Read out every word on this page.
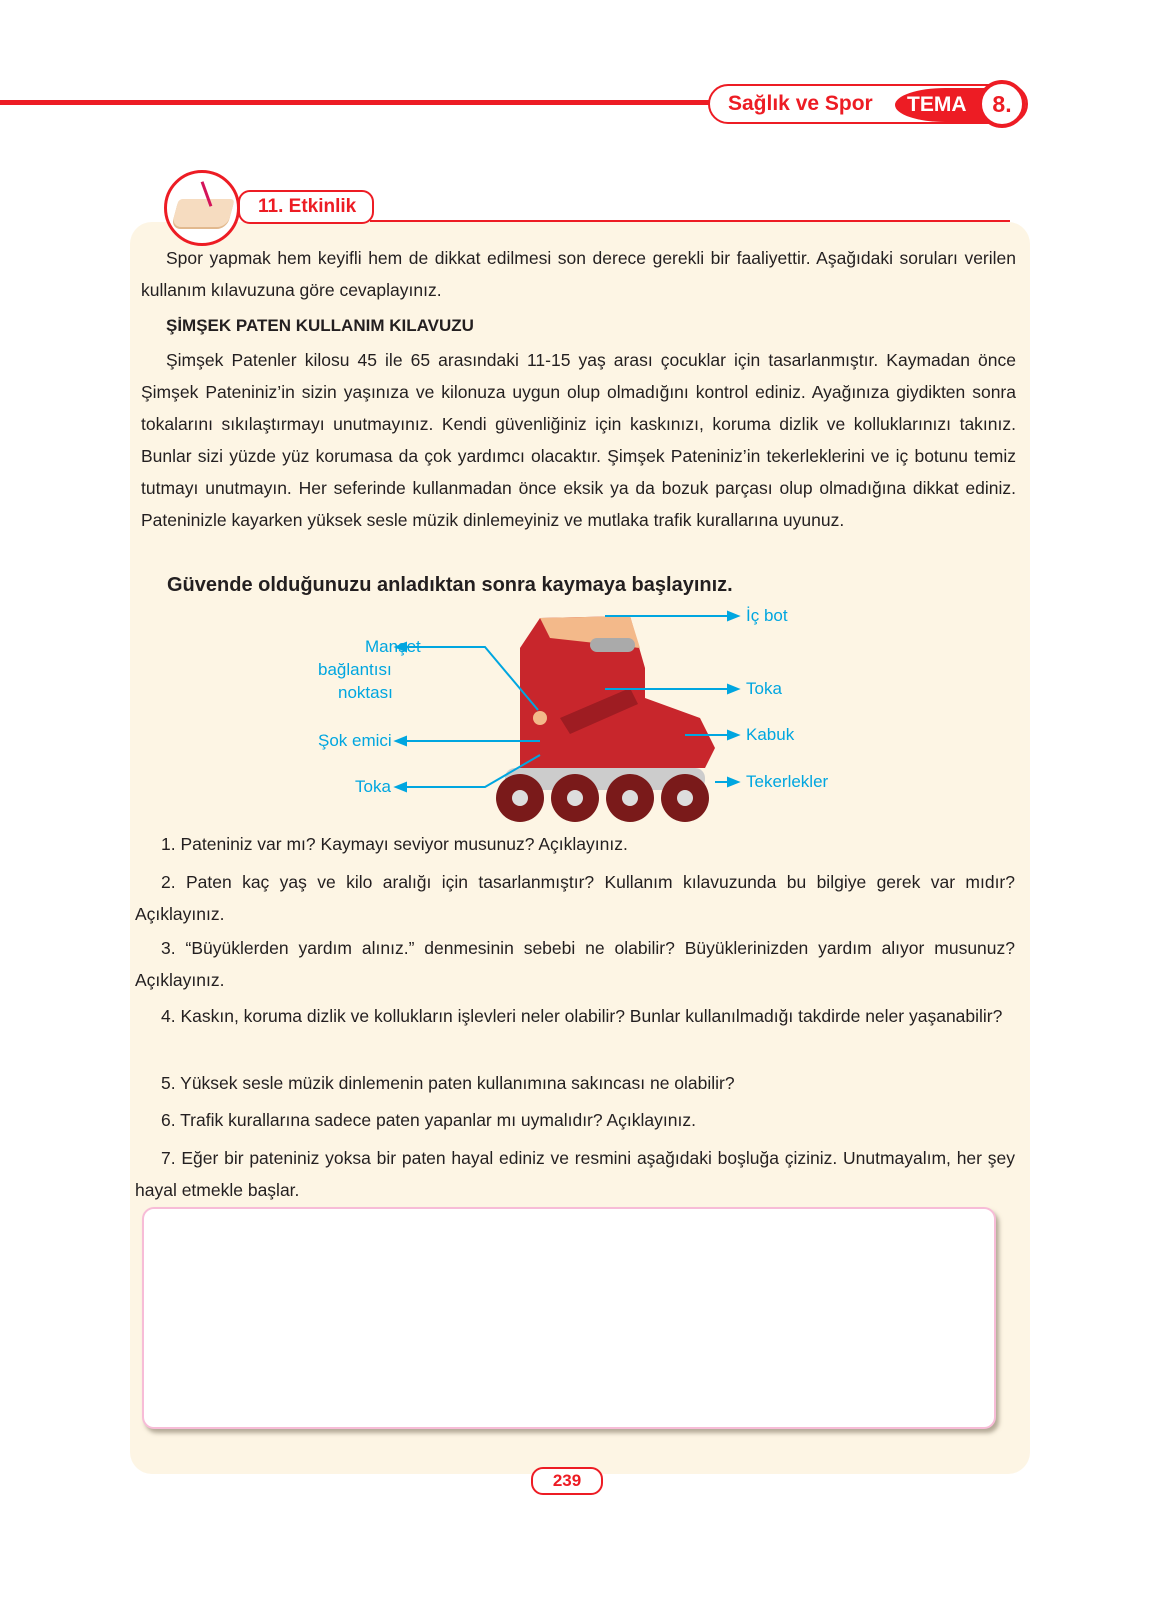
Sağlık ve Spor	TEMA	8.
11. Etkinlik
Spor yapmak hem keyifli hem de dikkat edilmesi son derece gerekli bir faaliyettir. Aşağıdaki soruları verilen kullanım kılavuzuna göre cevaplayınız.
ŞİMŞEK PATEN KULLANIM KILAVUZU
Şimşek Patenler kilosu 45 ile 65 arasındaki 11-15 yaş arası çocuklar için tasarlanmıştır. Kaymadan önce Şimşek Pateniniz’in sizin yaşınıza ve kilonuza uygun olup olmadığını kontrol ediniz. Ayağınıza giydikten sonra tokalarını sıkılaştırmayı unutmayınız. Kendi güvenliğiniz için kaskınızı, koruma dizlik ve kolluklarınızı takınız. Bunlar sizi yüzde yüz korumasa da çok yardımcı olacaktır. Şimşek Pateniniz’in tekerleklerini ve iç botunu temiz tutmayı unutmayın. Her seferinde kullanmadan önce eksik ya da bozuk parçası olup olmadığına dikkat ediniz. Pateninizle kayarken yüksek sesle müzik dinlemeyiniz ve mutlaka trafik kurallarına uyunuz.
Güvende olduğunuzu anladıktan sonra kaymaya başlayınız.
İç bot
Toka
Kabuk
Tekerlekler
Manşet
bağlantısı
noktası
Şok emici
Toka
1. Pateniniz var mı? Kaymayı seviyor musunuz? Açıklayınız.
2. Paten kaç yaş ve kilo aralığı için tasarlanmıştır? Kullanım kılavuzunda bu bilgiye gerek var mıdır? Açıklayınız.
3. “Büyüklerden yardım alınız.” denmesinin sebebi ne olabilir? Büyüklerinizden yardım alıyor musunuz? Açıklayınız.
4. Kaskın, koruma dizlik ve kollukların işlevleri neler olabilir? Bunlar kullanılmadığı takdirde neler yaşanabilir?
5. Yüksek sesle müzik dinlemenin paten kullanımına sakıncası ne olabilir?
6. Trafik kurallarına sadece paten yapanlar mı uymalıdır? Açıklayınız.
7. Eğer bir pateniniz yoksa bir paten hayal ediniz ve resmini aşağıdaki boşluğa çiziniz. Unutmayalım, her şey hayal etmekle başlar.
239
